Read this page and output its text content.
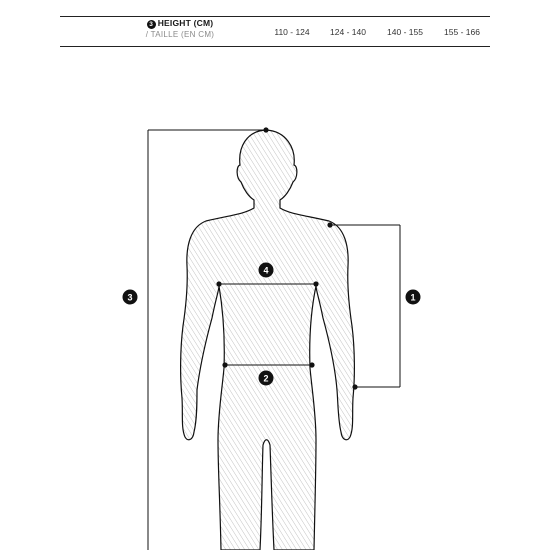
3 HEIGHT (CM)
/ TAILLE (EN CM)	110 - 124	124 - 140	140 - 155	155 - 166
1
2
3
4
